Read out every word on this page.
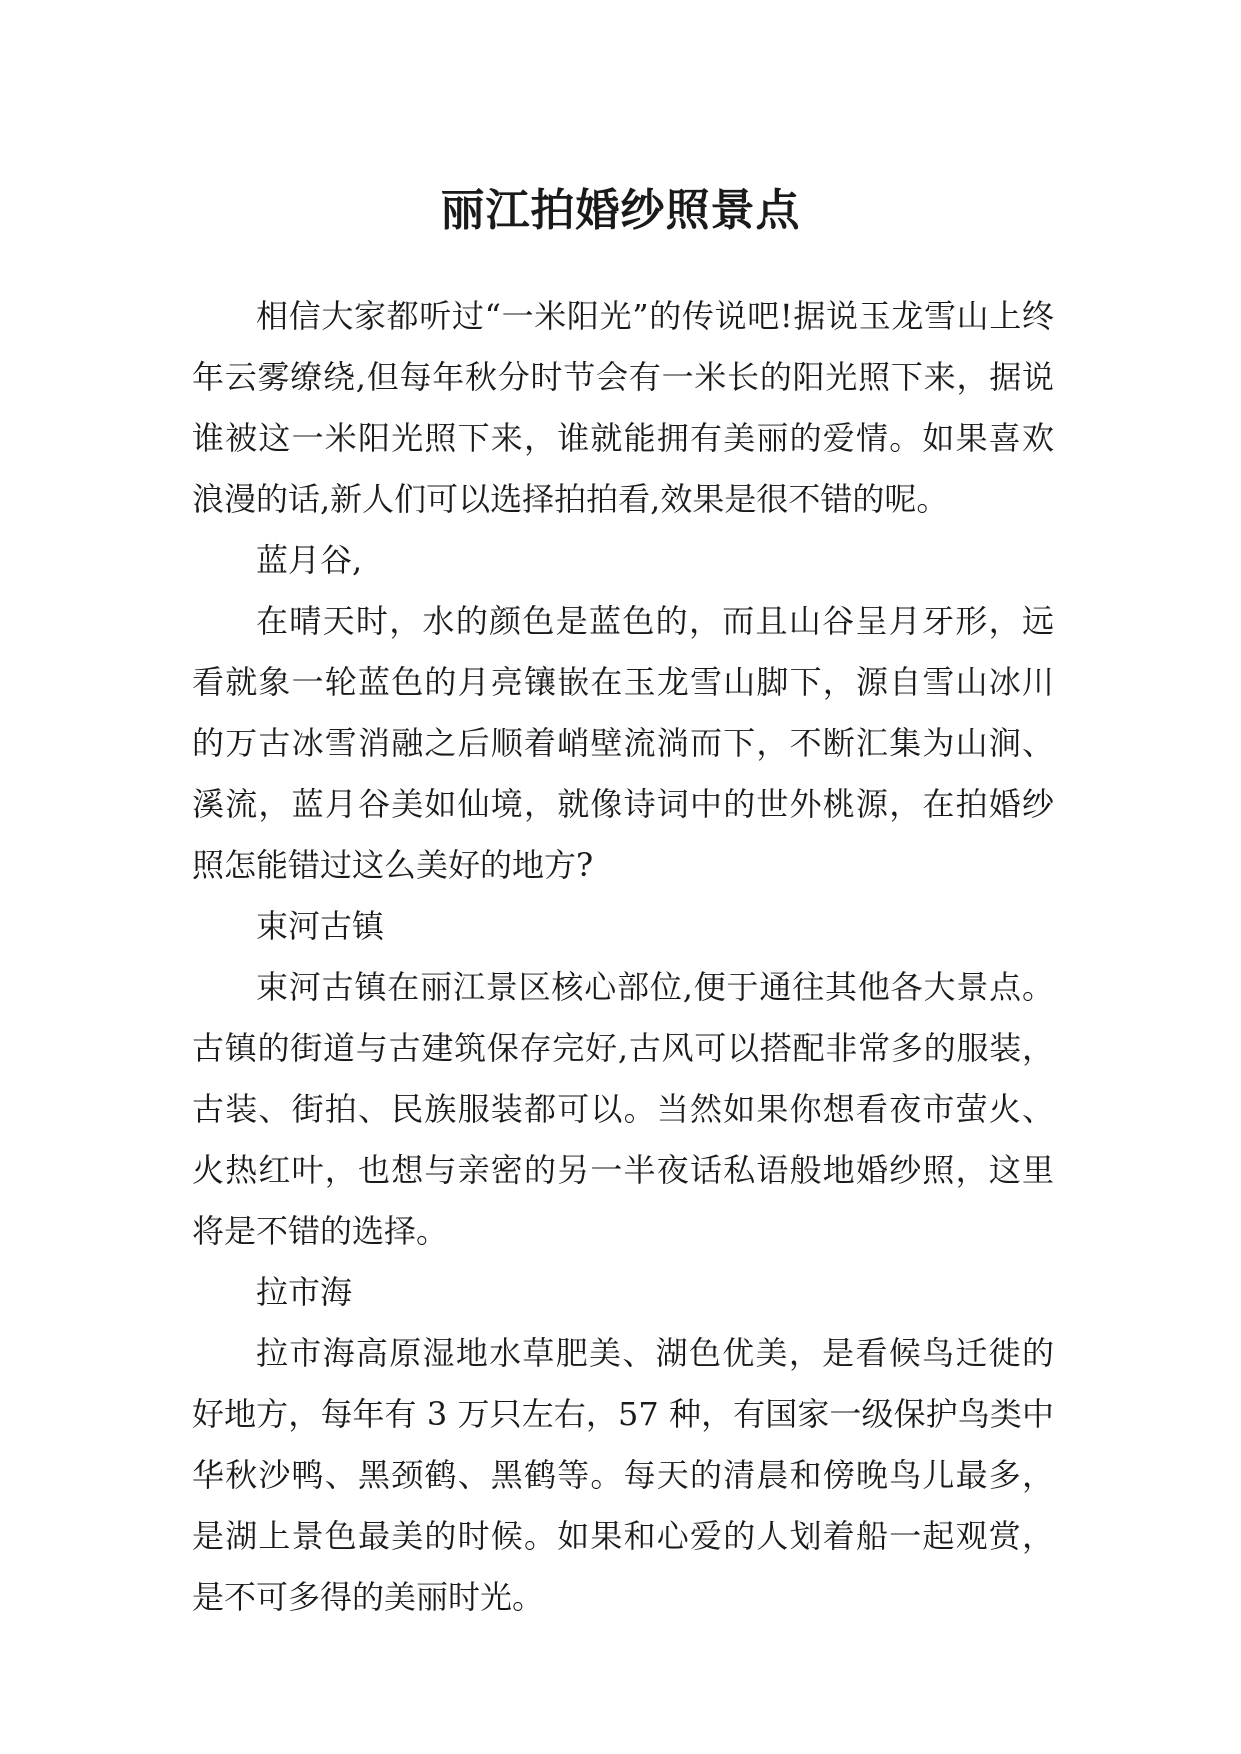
丽江拍婚纱照景点

相信大家都听过“一米阳光”的传说吧!据说玉龙雪山上终年云雾缭绕,但每年秋分时节会有一米长的阳光照下来，据说谁被这一米阳光照下来，谁就能拥有美丽的爱情。如果喜欢浪漫的话,新人们可以选择拍拍看,效果是很不错的呢。

蓝月谷,

在晴天时，水的颜色是蓝色的，而且山谷呈月牙形，远看就象一轮蓝色的月亮镶嵌在玉龙雪山脚下，源自雪山冰川的万古冰雪消融之后顺着峭壁流淌而下，不断汇集为山涧、溪流，蓝月谷美如仙境，就像诗词中的世外桃源，在拍婚纱照怎能错过这么美好的地方?

束河古镇

束河古镇在丽江景区核心部位,便于通往其他各大景点。古镇的街道与古建筑保存完好,古风可以搭配非常多的服装，古装、街拍、民族服装都可以。当然如果你想看夜市萤火、火热红叶，也想与亲密的另一半夜话私语般地婚纱照，这里将是不错的选择。

拉市海

拉市海高原湿地水草肥美、湖色优美，是看候鸟迁徙的好地方，每年有 3 万只左右，57 种，有国家一级保护鸟类中华秋沙鸭、黑颈鹤、黑鹤等。每天的清晨和傍晚鸟儿最多，是湖上景色最美的时候。如果和心爱的人划着船一起观赏，是不可多得的美丽时光。
